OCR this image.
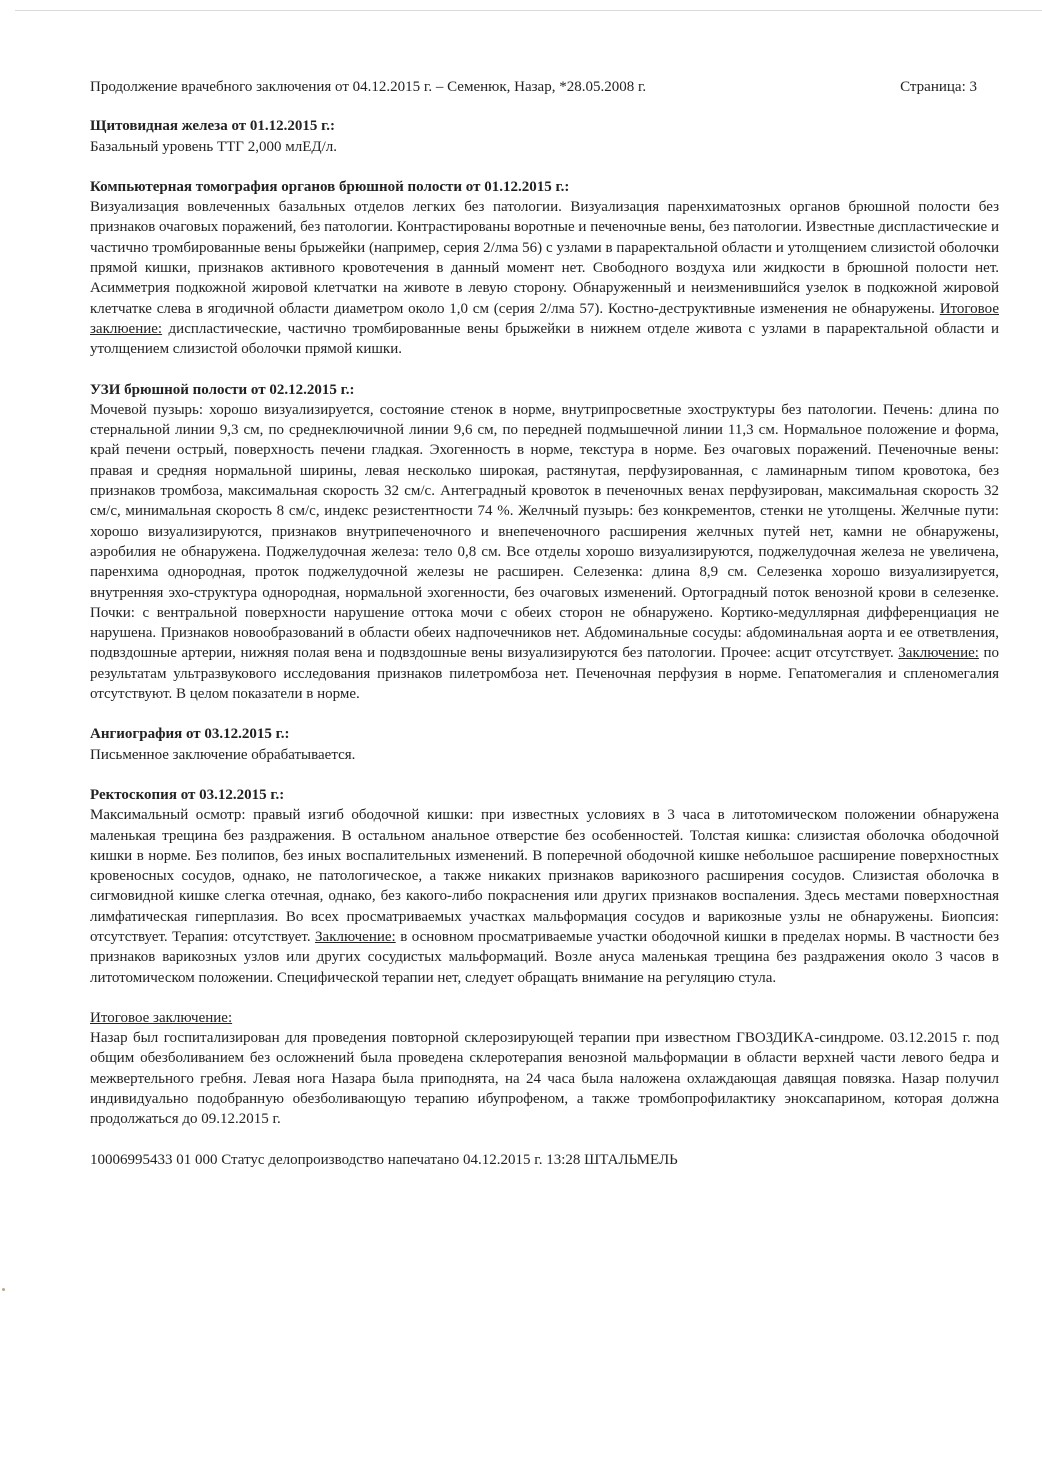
Продолжение врачебного заключения от 04.12.2015 г. – Семенюк, Назар, *28.05.2008 г.	Страница: 3
Щитовидная железа от 01.12.2015 г.:
Базальный уровень ТТГ 2,000 млЕД/л.
Компьютерная томография органов брюшной полости от 01.12.2015 г.:
Визуализация вовлеченных базальных отделов легких без патологии. Визуализация паренхиматозных органов брюшной полости без признаков очаговых поражений, без патологии. Контрастированы воротные и печеночные вены, без патологии. Известные диспластические и частично тромбированные вены брыжейки (например, серия 2/лма 56) с узлами в параректальной области и утолщением слизистой оболочки прямой кишки, признаков активного кровотечения в данный момент нет. Свободного воздуха или жидкости в брюшной полости нет. Асимметрия подкожной жировой клетчатки на животе в левую сторону. Обнаруженный и неизменившийся узелок в подкожной жировой клетчатке слева в ягодичной области диаметром около 1,0 см (серия 2/лма 57). Костно-деструктивные изменения не обнаружены. Итоговое заклюение: диспластические, частично тромбированные вены брыжейки в нижнем отделе живота с узлами в параректальной области и утолщением слизистой оболочки прямой кишки.
УЗИ брюшной полости от 02.12.2015 г.:
Мочевой пузырь: хорошо визуализируется, состояние стенок в норме, внутрипросветные эхоструктуры без патологии. Печень: длина по стернальной линии 9,3 см, по среднеключичной линии 9,6 см, по передней подмышечной линии 11,3 см. Нормальное положение и форма, край печени острый, поверхность печени гладкая. Эхогенность в норме, текстура в норме. Без очаговых поражений. Печеночные вены: правая и средняя нормальной ширины, левая несколько широкая, растянутая, перфузированная, с ламинарным типом кровотока, без признаков тромбоза, максимальная скорость 32 см/с. Антеградный кровоток в печеночных венах перфузирован, максимальная скорость 32 см/с, минимальная скорость 8 см/с, индекс резистентности 74 %. Желчный пузырь: без конкрементов, стенки не утолщены. Желчные пути: хорошо визуализируются, признаков внутрипеченочного и внепеченочного расширения желчных путей нет, камни не обнаружены, аэробилия не обнаружена. Поджелудочная железа: тело 0,8 см. Все отделы хорошо визуализируются, поджелудочная железа не увеличена, паренхима однородная, проток поджелудочной железы не расширен. Селезенка: длина 8,9 см. Селезенка хорошо визуализируется, внутренняя эхо-структура однородная, нормальной эхогенности, без очаговых изменений. Ортоградный поток венозной крови в селезенке. Почки: с вентральной поверхности нарушение оттока мочи с обеих сторон не обнаружено. Кортико-медуллярная дифференциация не нарушена. Признаков новообразований в области обеих надпочечников нет. Абдоминальные сосуды: абдоминальная аорта и ее ответвления, подвздошные артерии, нижняя полая вена и подвздошные вены визуализируются без патологии. Прочее: асцит отсутствует. Заключение: по результатам ультразвукового исследования признаков пилетромбоза нет. Печеночная перфузия в норме. Гепатомегалия и спленомегалия отсутствуют. В целом показатели в норме.
Ангиография от 03.12.2015 г.:
Письменное заключение обрабатывается.
Ректоскопия от 03.12.2015 г.:
Максимальный осмотр: правый изгиб ободочной кишки: при известных условиях в 3 часа в литотомическом положении обнаружена маленькая трещина без раздражения. В остальном анальное отверстие без особенностей. Толстая кишка: слизистая оболочка ободочной кишки в норме. Без полипов, без иных воспалительных изменений. В поперечной ободочной кишке небольшое расширение поверхностных кровеносных сосудов, однако, не патологическое, а также никаких признаков варикозного расширения сосудов. Слизистая оболочка в сигмовидной кишке слегка отечная, однако, без какого-либо покраснения или других признаков воспаления. Здесь местами поверхностная лимфатическая гиперплазия. Во всех просматриваемых участках мальформация сосудов и варикозные узлы не обнаружены. Биопсия: отсутствует. Терапия: отсутствует. Заключение: в основном просматриваемые участки ободочной кишки в пределах нормы. В частности без признаков варикозных узлов или других сосудистых мальформаций. Возле ануса маленькая трещина без раздражения около 3 часов в литотомическом положении. Специфической терапии нет, следует обращать внимание на регуляцию стула.
Итоговое заключение:
Назар был госпитализирован для проведения повторной склерозирующей терапии при известном ГВОЗДИКА-синдроме. 03.12.2015 г. под общим обезболиванием без осложнений была проведена склеротерапия венозной мальформации в области верхней части левого бедра и межвертельного гребня. Левая нога Назара была приподнята, на 24 часа была наложена охлаждающая давящая повязка. Назар получил индивидуально подобранную обезболивающую терапию ибупрофеном, а также тромбопрофилактику эноксапарином, которая должна продолжаться до 09.12.2015 г.
10006995433 01 000 Статус делопроизводство напечатано 04.12.2015 г. 13:28 ШТАЛЬМЕЛЬ
